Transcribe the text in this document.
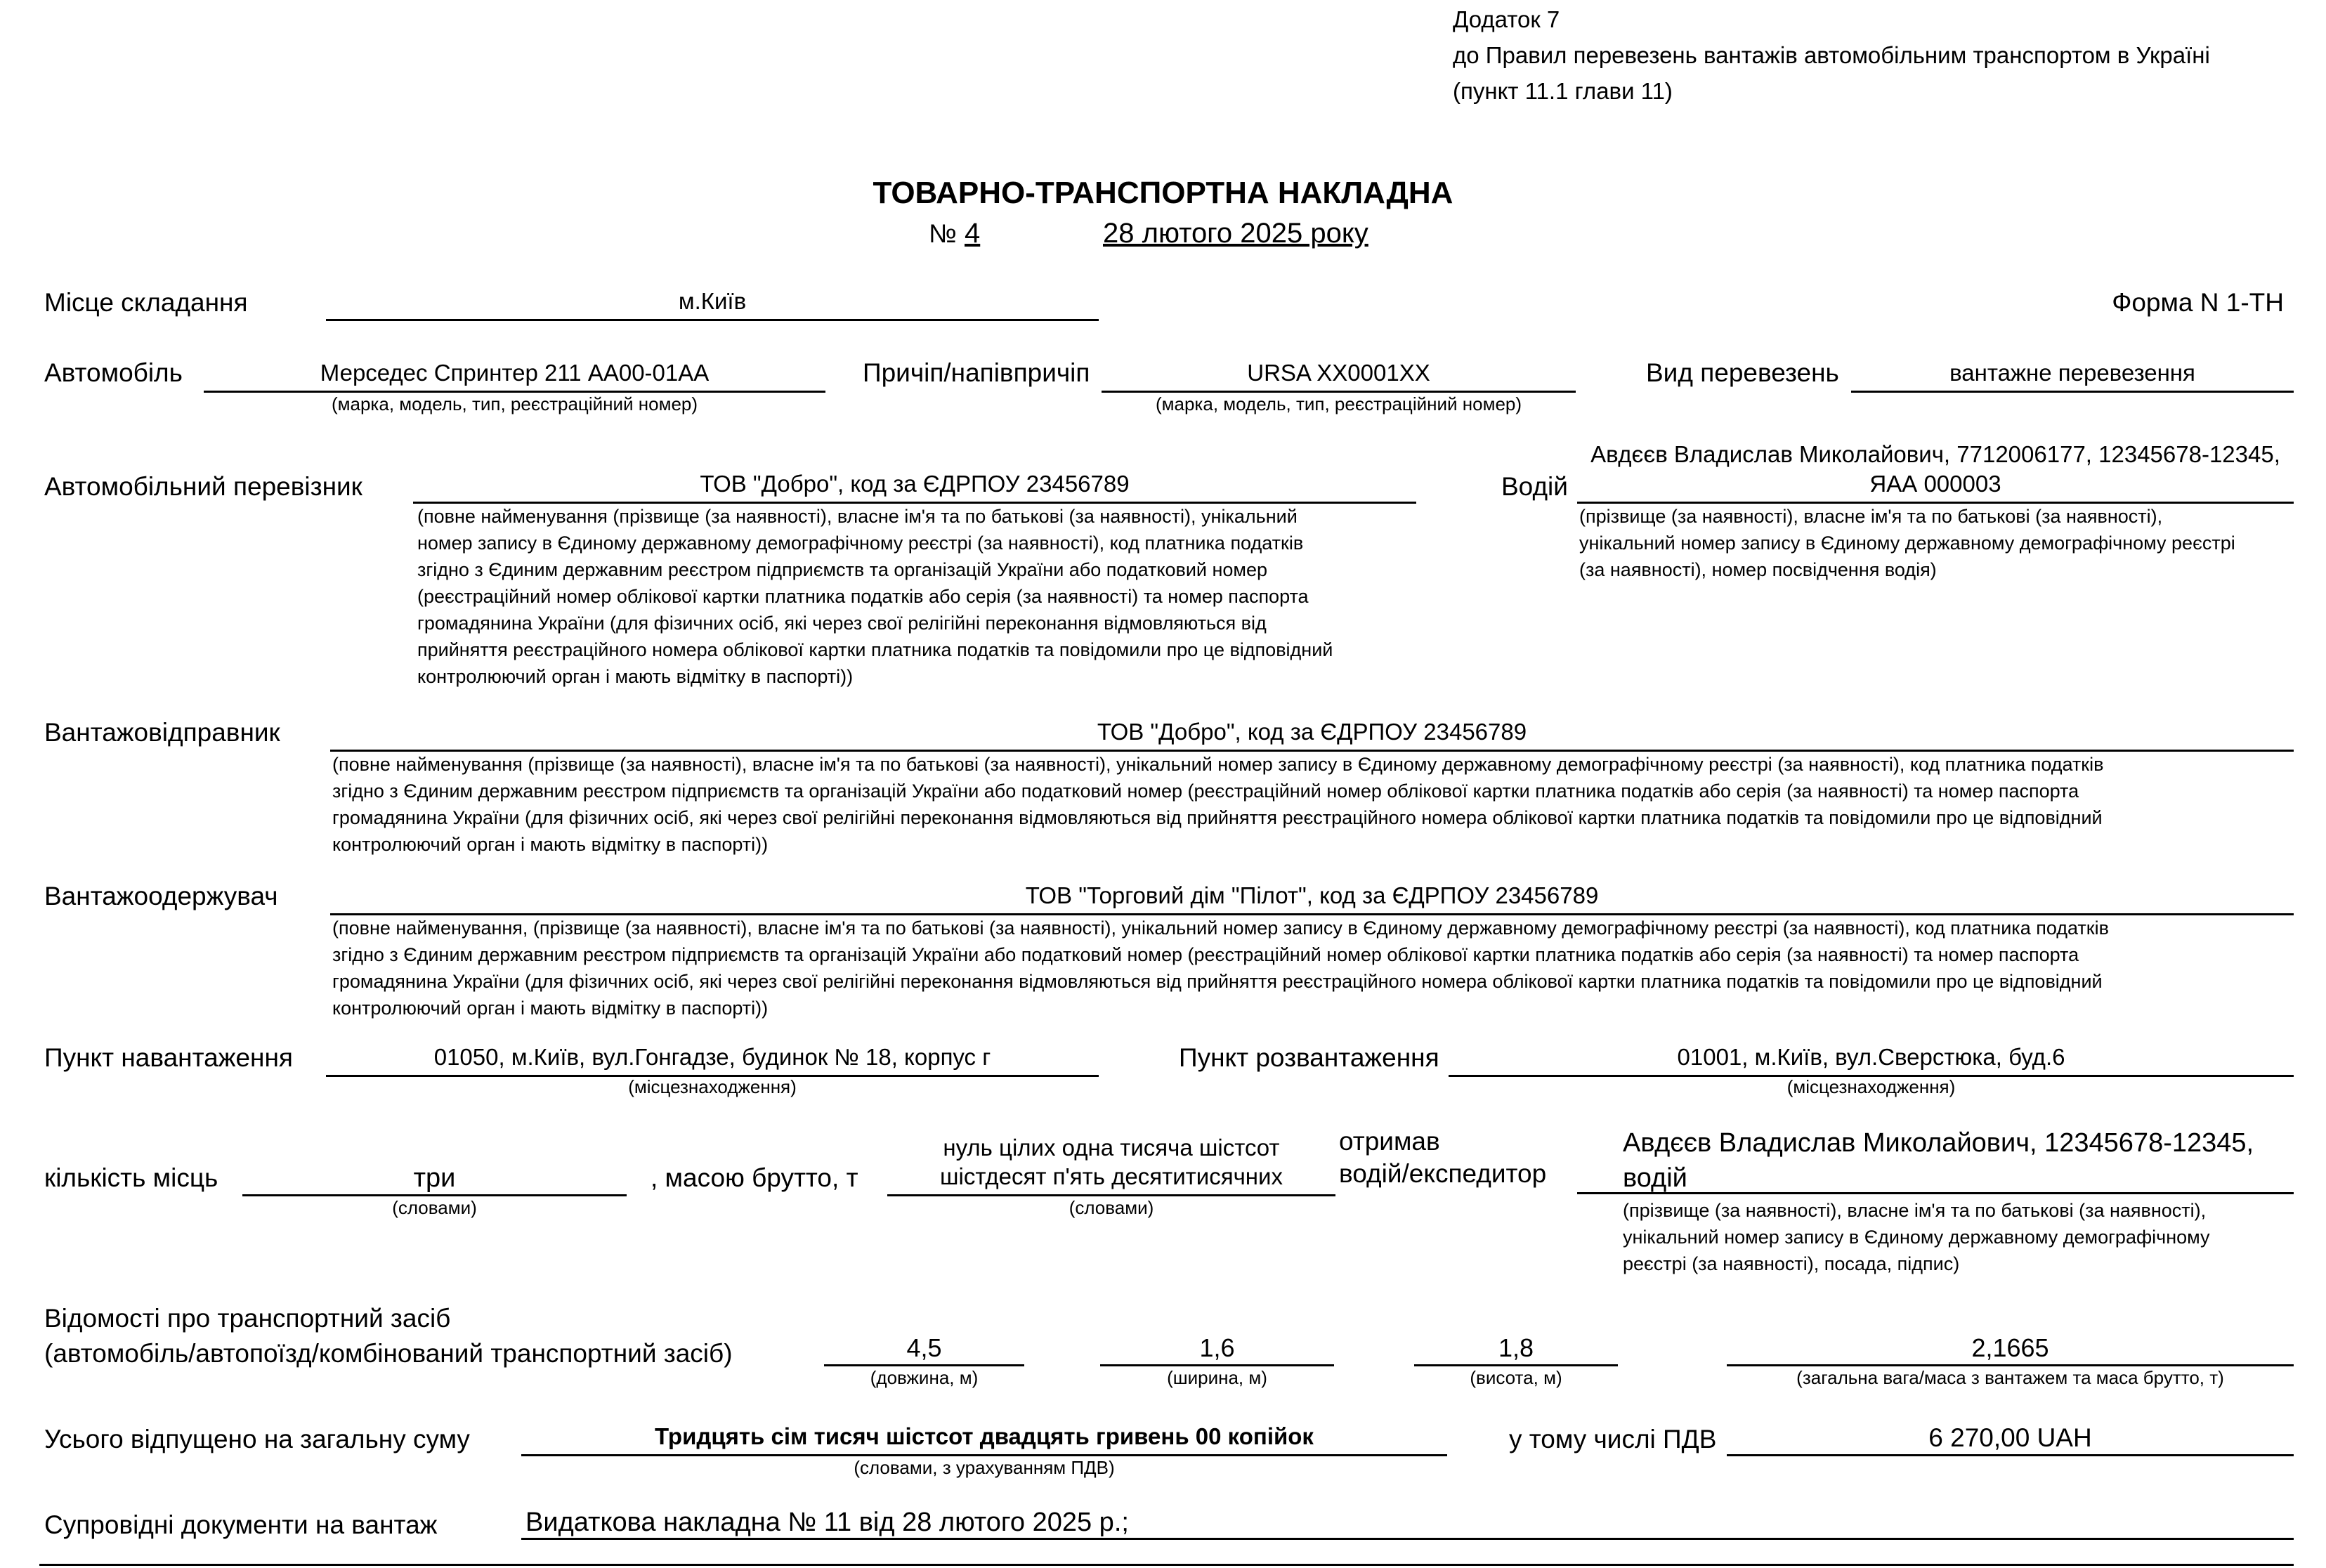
Додаток 7
до Правил перевезень вантажів автомобільним транспортом в Україні
(пункт 11.1 глави 11)
ТОВАРНО-ТРАНСПОРТНА НАКЛАДНА
№ 4	28 лютого 2025 року
Місце складання	м.Київ	Форма N 1-ТН
Автомобіль	Мерседес Спринтер 211 АА00-01АА
(марка, модель, тип, реєстраційний номер)
Причіп/напівпричіп	URSA XX0001XX
(марка, модель, тип, реєстраційний номер)
Вид перевезень	вантажне перевезення
Автомобільний перевізник	ТОВ "Добро", код за ЄДРПОУ 23456789
(повне найменування (прізвище (за наявності), власне ім'я та по батькові (за наявності), унікальний
номер запису в Єдиному державному демографічному реєстрі (за наявності), код платника податків
згідно з Єдиним державним реєстром підприємств та організацій України або податковий номер
(реєстраційний номер облікової картки платника податків або серія (за наявності) та номер паспорта
громадянина України (для фізичних осіб, які через свої релігійні переконання відмовляються від
прийняття реєстраційного номера облікової картки платника податків та повідомили про це відповідний
контролюючий орган і мають відмітку в паспорті))
Водій
Авдєєв Владислав Миколайович, 7712006177, 12345678-12345,
ЯАА 000003
(прізвище (за наявності), власне ім'я та по батькові (за наявності),
унікальний номер запису в Єдиному державному демографічному реєстрі
(за наявності), номер посвідчення водія)
Вантажовідправник	ТОВ "Добро", код за ЄДРПОУ 23456789
(повне найменування (прізвище (за наявності), власне ім'я та по батькові (за наявності), унікальний номер запису в Єдиному державному демографічному реєстрі (за наявності), код платника податків
згідно з Єдиним державним реєстром підприємств та організацій України або податковий номер (реєстраційний номер облікової картки платника податків або серія (за наявності) та номер паспорта
громадянина України (для фізичних осіб, які через свої релігійні переконання відмовляються від прийняття реєстраційного номера облікової картки платника податків та повідомили про це відповідний
контролюючий орган і мають відмітку в паспорті))
Вантажоодержувач	ТОВ "Торговий дім "Пілот", код за ЄДРПОУ 23456789
(повне найменування, (прізвище (за наявності), власне ім'я та по батькові (за наявності), унікальний номер запису в Єдиному державному демографічному реєстрі (за наявності), код платника податків
згідно з Єдиним державним реєстром підприємств та організацій України або податковий номер (реєстраційний номер облікової картки платника податків або серія (за наявності) та номер паспорта
громадянина України (для фізичних осіб, які через свої релігійні переконання відмовляються від прийняття реєстраційного номера облікової картки платника податків та повідомили про це відповідний
контролюючий орган і мають відмітку в паспорті))
Пункт навантаження	01050, м.Київ, вул.Гонгадзе, будинок № 18, корпус г
(місцезнаходження)
Пункт розвантаження	01001, м.Київ, вул.Сверстюка, буд.6
(місцезнаходження)
кількість місць	три
(словами)
, масою брутто, т
нуль цілих одна тисяча шістсот
шістдесят п'ять десятитисячних
(словами)
отримав
водій/експедитор
Авдєєв Владислав Миколайович, 12345678-12345,
водій
(прізвище (за наявності), власне ім'я та по батькові (за наявності),
унікальний номер запису в Єдиному державному демографічному
реєстрі (за наявності), посада, підпис)
Відомості про транспортний засіб
(автомобіль/автопоїзд/комбінований транспортний засіб)	4,5
(довжина, м)
1,6
(ширина, м)
1,8
(висота, м)
2,1665
(загальна вага/маса з вантажем та маса брутто, т)
Усього відпущено на загальну суму	Тридцять сім тисяч шістсот двадцять гривень 00 копійок
(словами, з урахуванням ПДВ)
у тому числі ПДВ	6 270,00 UAH
Супровідні документи на вантаж	Видаткова накладна № 11 від 28 лютого 2025 р.;
